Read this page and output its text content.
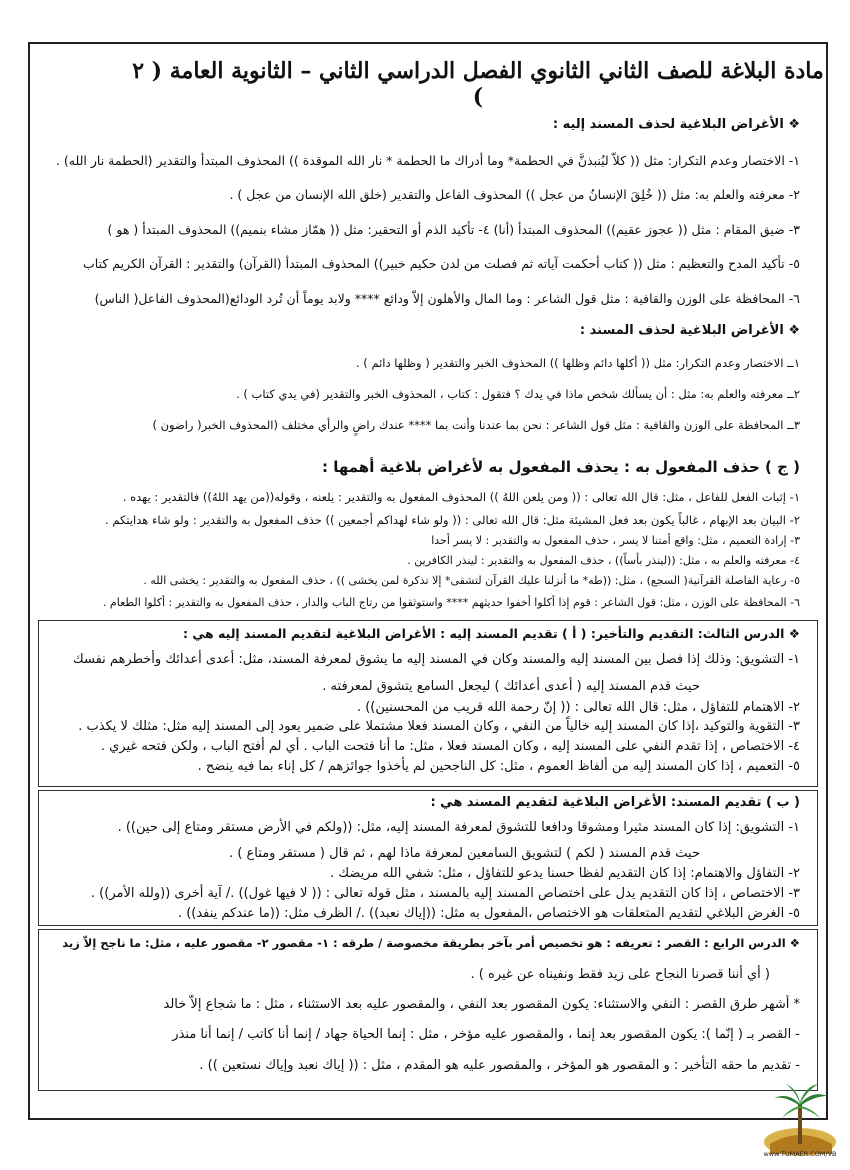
مادة البلاغة للصف الثاني الثانوي الفصل الدراسي الثاني – الثانوية العامة ( ٢ )
❖ الأغراض البلاغية لحذف المسند إليه :
١- الاختصار وعدم التكرار: مثل (( كلاّ ليُنبذنَّ في الحطمة* وما أدراك ما الحطمة * نار الله الموقدة )) المحذوف المبتدأ والتقدير (الحطمة نار الله) .
٢- معرفته والعلم به: مثل (( خُلِقَ الإنسانُ من عجل )) المحذوف الفاعل والتقدير (خلق الله الإنسان من عجل ) .
٣- ضيق المقام : مثل (( عجوز عقيم)) المحذوف المبتدأ (أنا) ٤- تأكيد الذم أو التحقير: مثل (( همّاز مشاء بنميم)) المحذوف المبتدأ ( هو )
٥- تأكيد المدح والتعظيم : مثل (( كتاب أحكمت آياته ثم فصلت من لدن حكيم خبير)) المحذوف المبتدأ (القرآن) والتقدير : القرآن الكريم كتاب
٦- المحافظة على الوزن والقافية : مثل قول الشاعر : وما المال والأهلون إلاّ ودائع **** ولابد يوماً أن تُرد الودائع(المحذوف الفاعل( الناس)
❖ الأغراض البلاغية لحذف المسند :
١ــ الاختصار وعدم التكرار: مثل (( أكلها دائم وظلها )) المحذوف الخبر والتقدير ( وظلها دائم ) .
٢ــ معرفته والعلم به: مثل : أن يسألك شخص ماذا في يدك ؟ فتقول : كتاب ، المحذوف الخبر والتقدير (في يدي كتاب ) .
٣ــ المحافظة على الوزن والقافية : مثل قول الشاعر : نحن بما عندنا وأنت بما **** عندك راضٍ والرأي مختلف (المحذوف الخبر( راضون )
( ج ) حذف المفعول به : يحذف المفعول به لأغراض بلاغية أهمها :
١- إثبات الفعل للفاعل ، مثل: قال الله تعالى : (( ومن يلعن اللهُ )) المحذوف المفعول به والتقدير : يلعنه ، وقوله((من يهد اللهُ)) فالتقدير : يهده .
٢- البيان بعد الإبهام ، غالباً يكون بعد فعل المشيئة مثل: قال الله تعالى : (( ولو شاء لهداكم أجمعين )) حذف المفعول به والتقدير : ولو شاء هدايتكم .
٣- إرادة التعميم ، مثل: واقع أمتنا لا يسر ، حذف المفعول به والتقدير : لا يسر أحدا
٤- معرفته والعلم به ، مثل: ((لينذر بأساً)) ، حذف المفعول به والتقدير : لينذر الكافرين .
٥- رعاية الفاصلة القرآنية( السجع) ، مثل: ((طه* ما أنزلنا عليك القرآن لتشقى* إلا تذكرة لمن يخشى )) ، حذف المفعول به والتقدير : يخشى الله .
٦- المحافظة على الوزن ، مثل: قول الشاعر : قوم إذا أكلوا أخفوا حديثهم **** واستوثقوا من رتاج الباب والدار ، حذف المفعول به والتقدير : أكلوا الطعام .
❖ الدرس الثالث: التقديم والتأخير: ( أ ) تقديم المسند إليه : الأغراض البلاغية لتقديم المسند إليه هي :
١- التشويق: وذلك إذا فصل بين المسند إليه والمسند وكان في المسند إليه ما يشوق لمعرفة المسند، مثل: أعدى أعدائك وأخطرهم نفسك
حيث قدم المسند إليه ( أعدى أعدائك ) ليجعل السامع يتشوق لمعرفته .
٢- الاهتمام للتفاؤل ، مثل: قال الله تعالى : (( إنّ رحمة الله قريب من المحسنين)) .
٣- التقوية والتوكيد ،إذا كان المسند إليه خالياً من النفي ، وكان المسند فعلا مشتملا على ضمير يعود إلى المسند إليه مثل: مثلك لا يكذب .
٤- الاختصاص ، إذا تقدم النفي على المسند إليه ، وكان المسند فعلا ، مثل: ما أنا فتحت الباب . أي لم أفتح الباب ، ولكن فتحه غيري .
٥- التعميم ، إذا كان المسند إليه من ألفاظ العموم ، مثل: كل الناجحين لم يأخذوا جوائزهم / كل إناء بما فيه ينضح .
( ب ) تقديم المسند: الأغراض البلاغية لتقديم المسند هي :
١- التشويق: إذا كان المسند مثيرا ومشوقا ودافعا للتشوق لمعرفة المسند إليه، مثل: ((ولكم في الأرض مستقر ومتاع إلى حين)) .
حيث قدم المسند ( لكم ) لتشويق السامعين لمعرفة ماذا لهم ، ثم قال ( مستقر ومتاع ) .
٢- التفاؤل والاهتمام: إذا كان التقديم لفظا حسنا يدعو للتفاؤل ، مثل: شفي الله مريضك .
٣- الاختصاص ، إذا كان التقديم يدل على اختصاص المسند إليه بالمسند ، مثل قوله تعالى : (( لا فيها غول)) ./ آية أخرى ((ولله الأمر)) .
٥- الغرض البلاغي لتقديم المتعلقات هو الاختصاص ،المفعول به مثل: ((إياك نعبد)) ./ الظرف مثل: ((ما عندكم ينفد)) .
❖ الدرس الرابع : القصر : تعريفه : هو تخصيص أمر بآخر بطريقة مخصوصة / طرقه : ١- مقصور ٢- مقصور عليه ، مثل: ما ناجح إلاّ زيد
( أي أننا قصرنا النجاح على زيد فقط ونفيناه عن غيره ) .
* أشهر طرق القصر : النفي والاستثناء: يكون المقصور بعد النفي ، والمقصور عليه بعد الاستثناء ، مثل : ما شجاع إلاّ خالد
- القصر بـ ( إنّما ): يكون المقصور بعد إنما ، والمقصور عليه مؤخر ، مثل : إنما الحياة جهاد / إنما أنا كاتب / إنما أنا منذر
- تقديم ما حقه التأخير : و المقصور هو المؤخر ، والمقصور عليه هو المقدم ، مثل : (( إياك نعبد وإياك نستعين )) .
www.TUMAER.COM/VB
